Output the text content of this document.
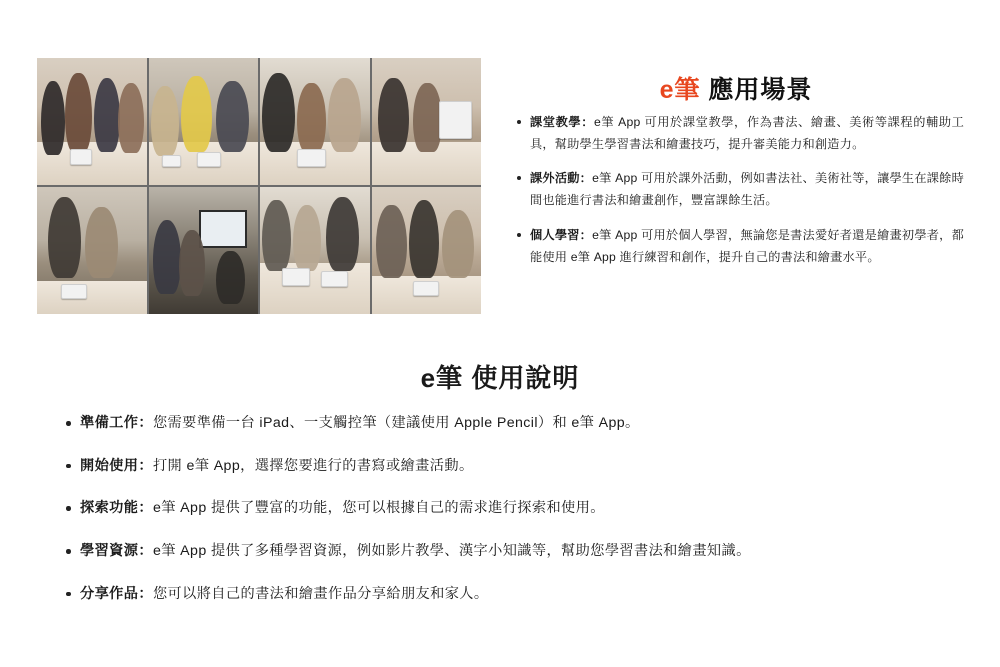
e筆 應用場景
課堂教學：e筆 App 可用於課堂教學，作為書法、繪畫、美術等課程的輔助工具，幫助學生學習書法和繪畫技巧，提升審美能力和創造力。
課外活動：e筆 App 可用於課外活動，例如書法社、美術社等，讓學生在課餘時間也能進行書法和繪畫創作，豐富課餘生活。
個人學習：e筆 App 可用於個人學習，無論您是書法愛好者還是繪畫初學者，都能使用 e筆 App 進行練習和創作，提升自己的書法和繪畫水平。
e筆 使用說明
準備工作：您需要準備一台 iPad、一支觸控筆（建議使用 Apple Pencil）和 e筆 App。
開始使用：打開 e筆 App，選擇您要進行的書寫或繪畫活動。
探索功能：e筆 App 提供了豐富的功能，您可以根據自己的需求進行探索和使用。
學習資源：e筆 App 提供了多種學習資源，例如影片教學、漢字小知識等，幫助您學習書法和繪畫知識。
分享作品：您可以將自己的書法和繪畫作品分享給朋友和家人。
